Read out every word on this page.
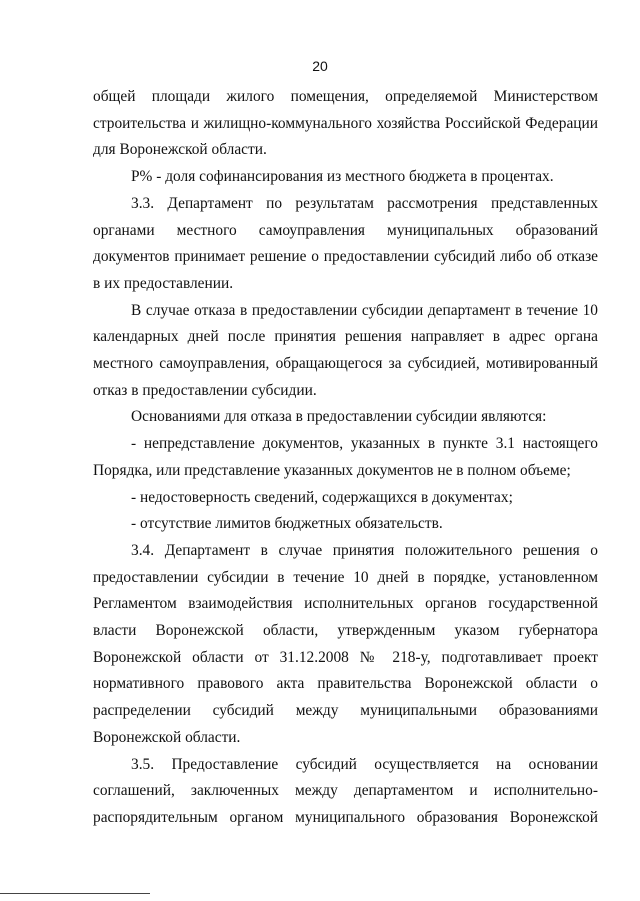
20

общей площади жилого помещения, определяемой Министерством строительства и жилищно-коммунального хозяйства Российской Федерации для Воронежской области.

Р% - доля софинансирования из местного бюджета в процентах.

3.3. Департамент по результатам рассмотрения представленных органами местного самоуправления муниципальных образований документов принимает решение о предоставлении субсидий либо об отказе в их предоставлении.

В случае отказа в предоставлении субсидии департамент в течение 10 календарных дней после принятия решения направляет в адрес органа местного самоуправления, обращающегося за субсидией, мотивированный отказ в предоставлении субсидии.

Основаниями для отказа в предоставлении субсидии являются:

- непредставление документов, указанных в пункте 3.1 настоящего Порядка, или представление указанных документов не в полном объеме;

- недостоверность сведений, содержащихся в документах;

- отсутствие лимитов бюджетных обязательств.

3.4. Департамент в случае принятия положительного решения о предоставлении субсидии в течение 10 дней в порядке, установленном Регламентом взаимодействия исполнительных органов государственной власти Воронежской области, утвержденным указом губернатора Воронежской области от 31.12.2008 № 218-у, подготавливает проект нормативного правового акта правительства Воронежской области о распределении субсидий между муниципальными образованиями Воронежской области.

3.5. Предоставление субсидий осуществляется на основании соглашений, заключенных между департаментом и исполнительно-распорядительным органом муниципального образования Воронежской
